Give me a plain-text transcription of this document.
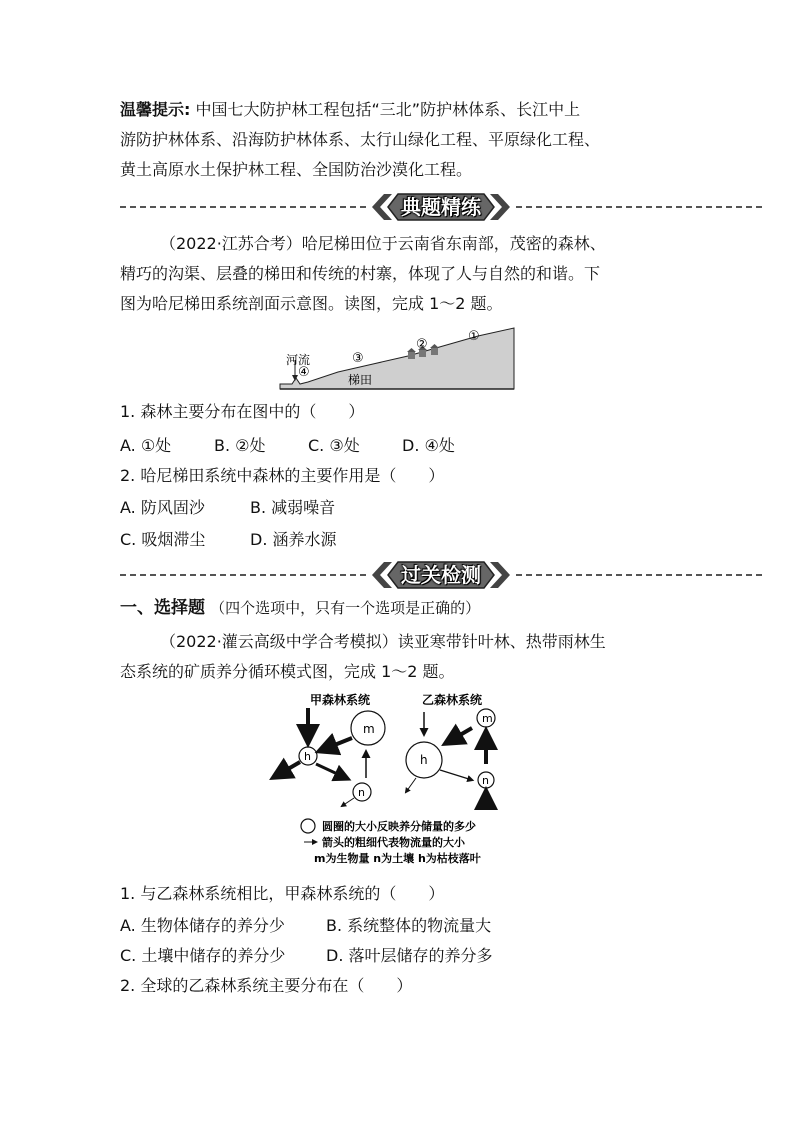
温馨提示: 中国七大防护林工程包括“三北”防护林体系、长江中上
游防护林体系、沿海防护林体系、太行山绿化工程、平原绿化工程、
黄土高原水土保护林工程、全国防治沙漠化工程。
典题精练
（2022·江苏合考）哈尼梯田位于云南省东南部，茂密的森林、
精巧的沟渠、层叠的梯田和传统的村寨，体现了人与自然的和谐。下
图为哈尼梯田系统剖面示意图。读图，完成 1～2 题。
河流
④
③
②
①
梯田
1. 森林主要分布在图中的（　　）
A. ①处	B. ②处	C. ③处	D. ④处
2. 哈尼梯田系统中森林的主要作用是（　　）
A. 防风固沙	B. 减弱噪音
C. 吸烟滞尘	D. 涵养水源
过关检测
一、选择题 （四个选项中，只有一个选项是正确的）
（2022·灌云高级中学合考模拟）读亚寒带针叶林、热带雨林生
态系统的矿质养分循环模式图，完成 1～2 题。
甲森林系统
m
h
n
乙森林系统
m
h
n
圆圈的大小反映养分储量的多少
箭头的粗细代表物流量的大小
m为生物量 n为土壤 h为枯枝落叶
1. 与乙森林系统相比，甲森林系统的（　　）
A. 生物体储存的养分少	B. 系统整体的物流量大
C. 土壤中储存的养分少	D. 落叶层储存的养分多
2. 全球的乙森林系统主要分布在（　　）
